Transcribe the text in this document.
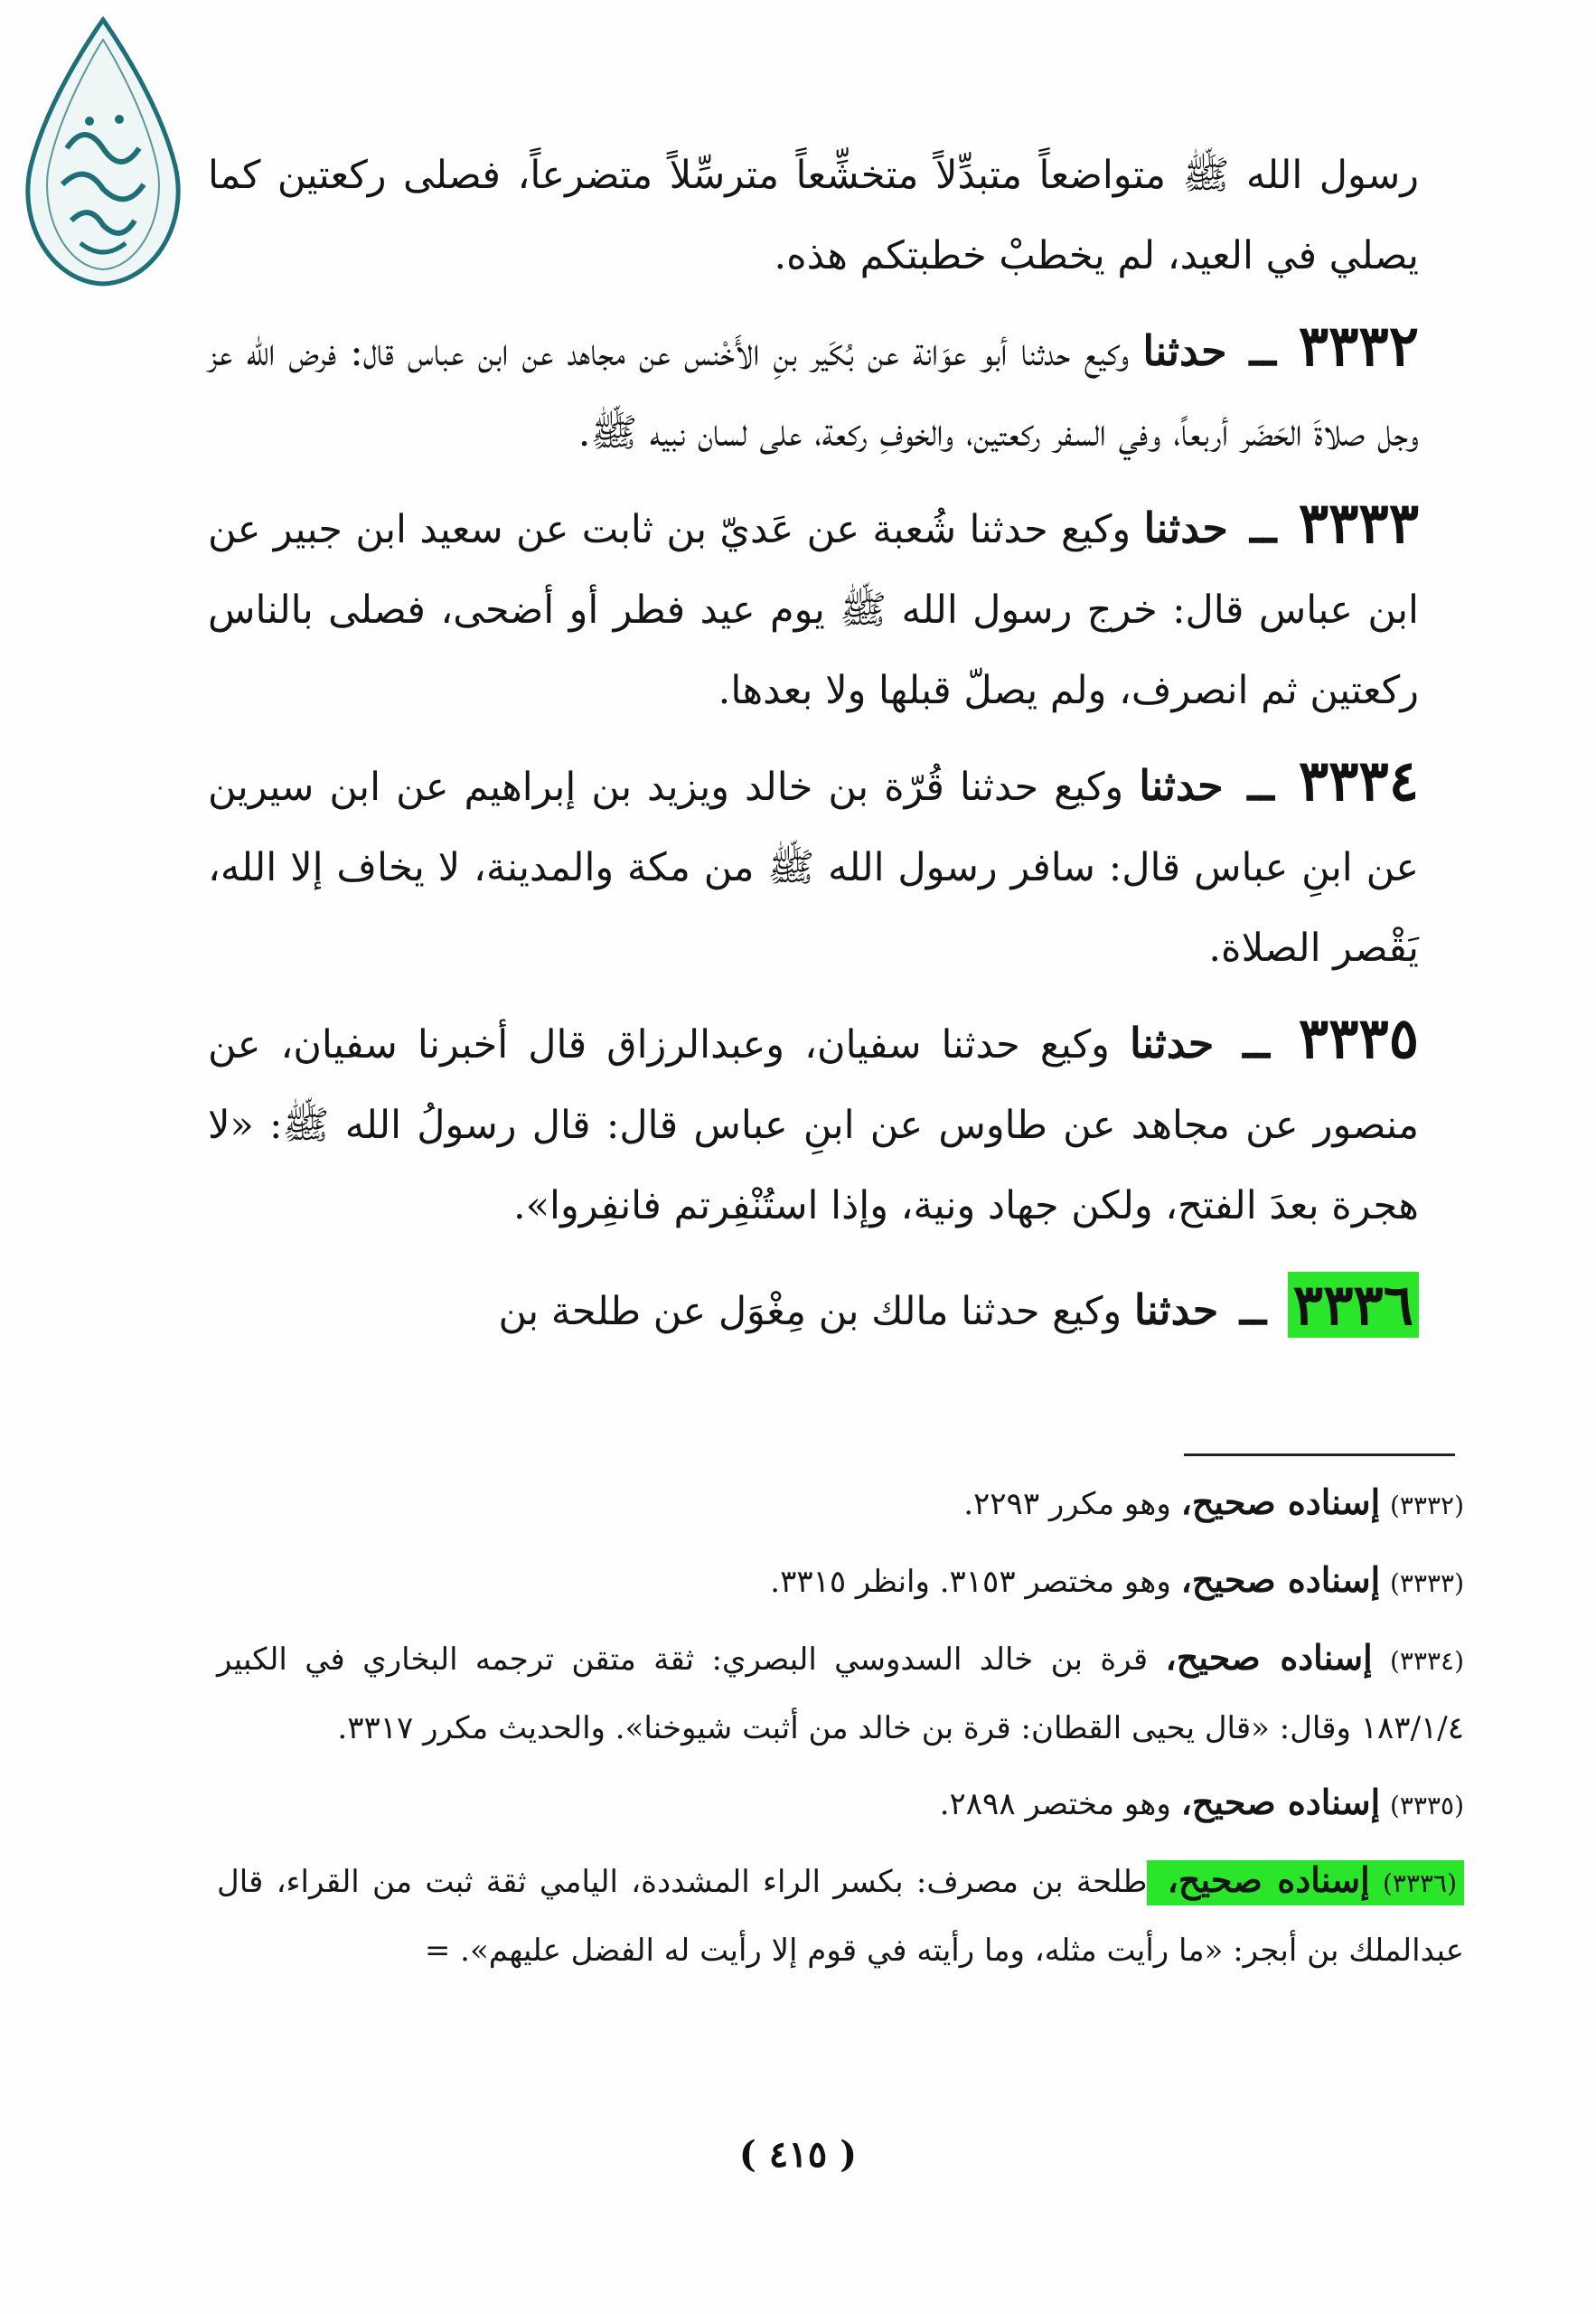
رسول الله ﷺ متواضعاً متبدِّلاً متخشِّعاً مترسِّلاً متضرعاً، فصلى ركعتين كما يصلي في العيد، لم يخطبْ خطبتكم هذه.

٣٣٣٢ ــ حدثنا وكيع حدثنا أبو عوَانة عن بُكَير بنِ الأَخْنس عن مجاهد عن ابن عباس قال: فرض الله عز وجل صلاةَ الحَضَر أربعاً، وفي السفر ركعتين، والخوفِ ركعة، على لسان نبيه ﷺ.

٣٣٣٣ ــ حدثنا وكيع حدثنا شُعبة عن عَديّ بن ثابت عن سعيد ابن جبير عن ابن عباس قال: خرج رسول الله ﷺ يوم عيد فطر أو أضحى، فصلى بالناس ركعتين ثم انصرف، ولم يصلّ قبلها ولا بعدها.

٣٣٣٤ ــ حدثنا وكيع حدثنا قُرّة بن خالد ويزيد بن إبراهيم عن ابن سيرين عن ابنِ عباس قال: سافر رسول الله ﷺ من مكة والمدينة، لا يخاف إلا الله، يَقْصر الصلاة.

٣٣٣٥ ــ حدثنا وكيع حدثنا سفيان، وعبدالرزاق قال أخبرنا سفيان، عن منصور عن مجاهد عن طاوس عن ابنِ عباس قال: قال رسولُ الله ﷺ: «لا هجرة بعدَ الفتح، ولكن جهاد ونية، وإذا استُنْفِرتم فانفِروا».

٣٣٣٦ ــ حدثنا وكيع حدثنا مالك بن مِغْوَل عن طلحة بن

(٣٣٣٢) إسناده صحيح، وهو مكرر ٢٢٩٣.

(٣٣٣٣) إسناده صحيح، وهو مختصر ٣١٥٣. وانظر ٣٣١٥.

(٣٣٣٤) إسناده صحيح، قرة بن خالد السدوسي البصري: ثقة متقن ترجمه البخاري في الكبير ١٨٣/١/٤ وقال: «قال يحيى القطان: قرة بن خالد من أثبت شيوخنا». والحديث مكرر ٣٣١٧.

(٣٣٣٥) إسناده صحيح، وهو مختصر ٢٨٩٨.

(٣٣٣٦) إسناده صحيح، طلحة بن مصرف: بكسر الراء المشددة، اليامي ثقة ثبت من القراء، قال عبدالملك بن أبجر: «ما رأيت مثله، وما رأيته في قوم إلا رأيت له الفضل عليهم». =

( ٤١٥ )
